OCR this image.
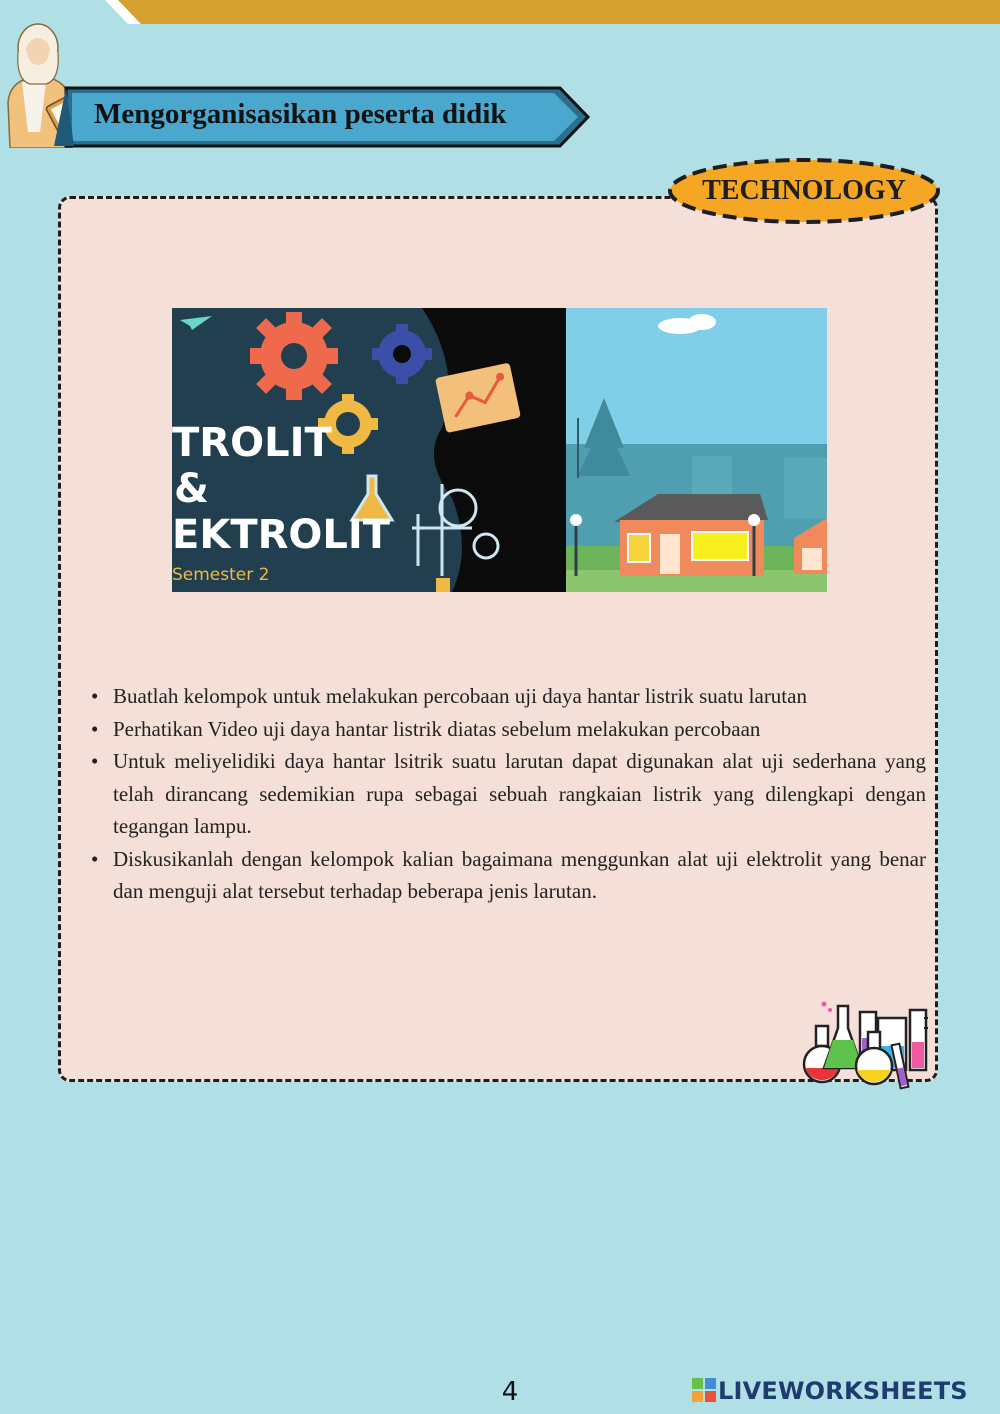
Mengorganisasikan peserta didik
TECHNOLOGY
TROLIT
&
EKTROLIT
Semester 2
• Buatlah kelompok untuk melakukan percobaan uji daya hantar listrik suatu larutan
• Perhatikan Video uji daya hantar listrik diatas sebelum melakukan percobaan
• Untuk meliyelidiki daya hantar lsitrik suatu larutan dapat digunakan alat uji sederhana yang telah dirancang sedemikian rupa sebagai sebuah rangkaian listrik yang dilengkapi dengan tegangan lampu.
• Diskusikanlah dengan kelompok kalian bagaimana menggunkan alat uji elektrolit yang benar dan menguji alat tersebut terhadap beberapa jenis larutan.
4	LIVEWORKSHEETS
